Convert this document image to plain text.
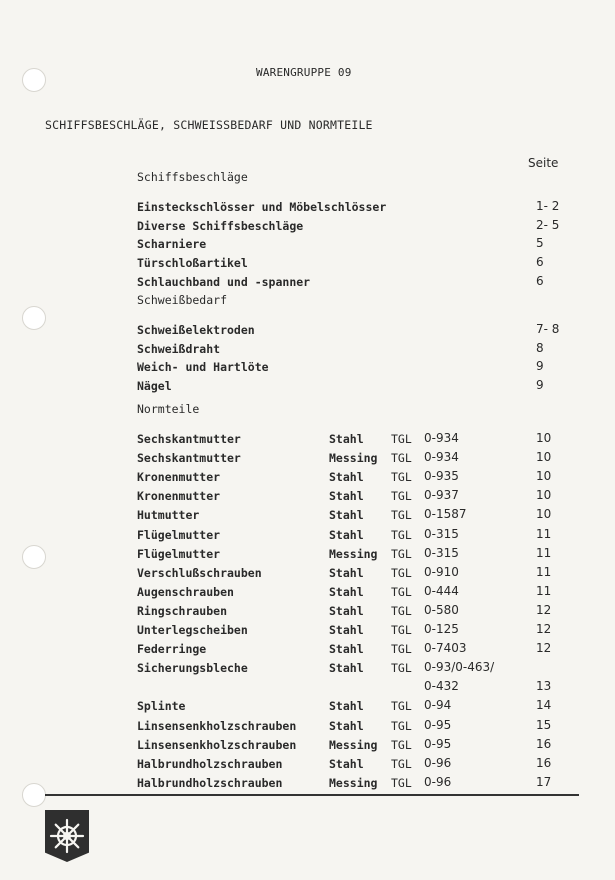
WARENGRUPPE 09
SCHIFFSBESCHLÄGE, SCHWEISSBEDARF UND NORMTEILE
Seite
Schiffsbeschläge
Einsteckschlösser und Möbelschlösser	1- 2
Diverse Schiffsbeschläge	2- 5
Scharniere	5
Türschloßartikel	6
Schlauchband und -spanner	6
Schweißbedarf
Schweißelektroden	7- 8
Schweißdraht	8
Weich- und Hartlöte	9
Nägel	9
Normteile
Sechskantmutter	Stahl TGL 0-934	10
Sechskantmutter	Messing TGL 0-934	10
Kronenmutter	Stahl TGL 0-935	10
Kronenmutter	Stahl TGL 0-937	10
Hutmutter	Stahl TGL 0-1587	10
Flügelmutter	Stahl TGL 0-315	11
Flügelmutter	Messing TGL 0-315	11
Verschlußschrauben	Stahl TGL 0-910	11
Augenschrauben	Stahl TGL 0-444	11
Ringschrauben	Stahl TGL 0-580	12
Unterlegscheiben	Stahl TGL 0-125	12
Federringe	Stahl TGL 0-7403	12
Sicherungsbleche	Stahl TGL 0-93/0-463/
0-432	13
Splinte	Stahl TGL 0-94	14
Linsensenkholzschrauben	Stahl TGL 0-95	15
Linsensenkholzschrauben	Messing TGL 0-95	16
Halbrundholzschrauben	Stahl TGL 0-96	16
Halbrundholzschrauben	Messing TGL 0-96	17
